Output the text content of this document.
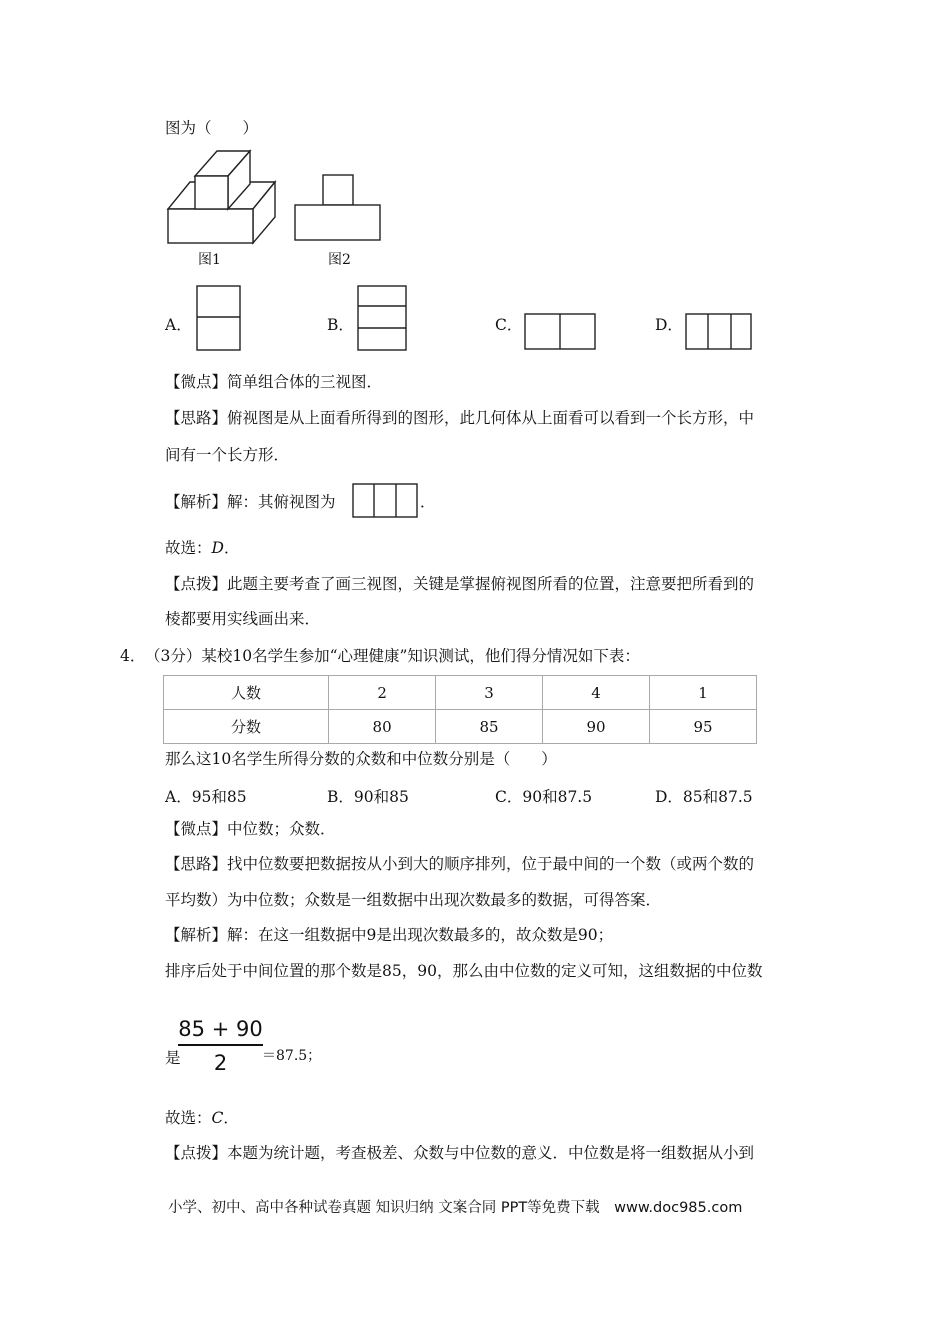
图为（　　）
图1	图2
A．	B．	C．	D．
【微点】简单组合体的三视图．
【思路】俯视图是从上面看所得到的图形，此几何体从上面看可以看到一个长方形，中
间有一个长方形．
【解析】解：其俯视图为	．
故选：D．
【点拨】此题主要考查了画三视图，关键是掌握俯视图所看的位置，注意要把所看到的
棱都要用实线画出来．
4． （3分）某校10名学生参加“心理健康”知识测试，他们得分情况如下表：
人数	2	3	4	1
分数	80	85	90	95
那么这10名学生所得分数的众数和中位数分别是（　　）
A．95和85	B．90和85	C．90和87.5	D．85和87.5
【微点】中位数；众数．
【思路】找中位数要把数据按从小到大的顺序排列，位于最中间的一个数（或两个数的
平均数）为中位数；众数是一组数据中出现次数最多的数据，可得答案．
【解析】解：在这一组数据中9是出现次数最多的，故众数是90；
排序后处于中间位置的那个数是85，90，那么由中位数的定义可知，这组数据的中位数
是
85 + 90
2	＝87.5；
故选：C．
【点拨】本题为统计题，考查极差、众数与中位数的意义．中位数是将一组数据从小到
小学、初中、高中各种试卷真题 知识归纳 文案合同 PPT等免费下载　www.doc985.com
